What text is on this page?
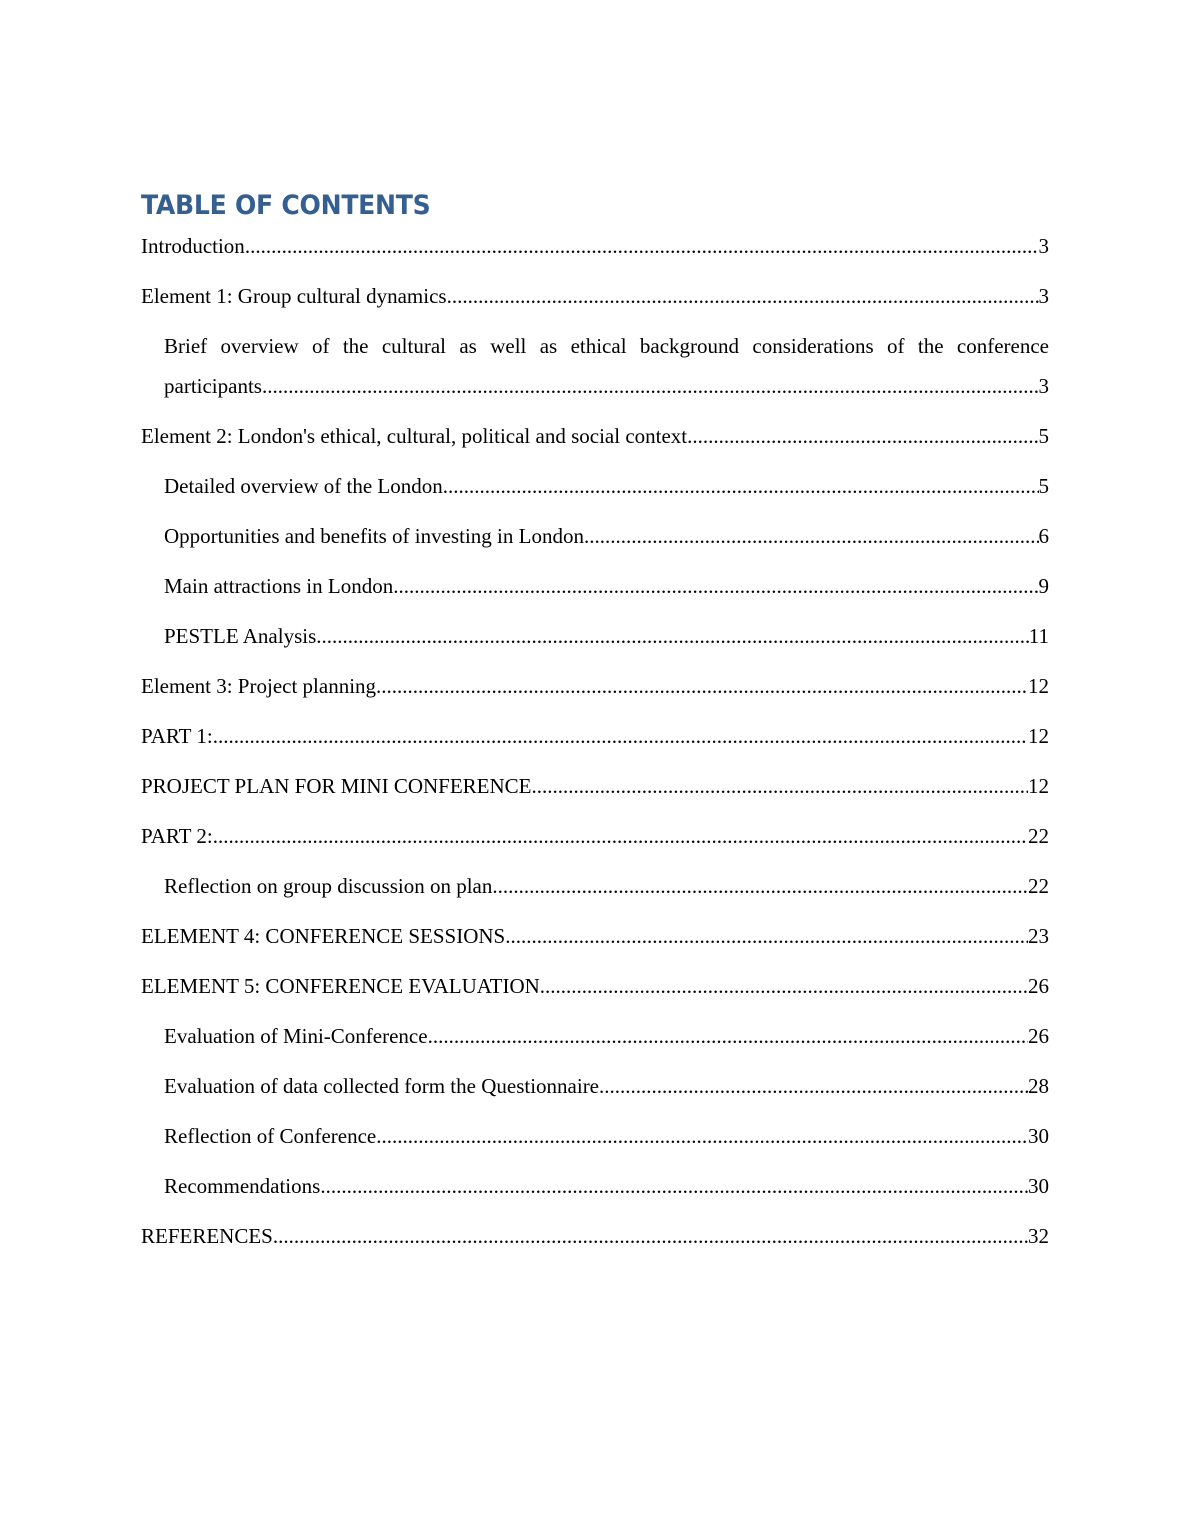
TABLE OF CONTENTS
Introduction .....	3
Element 1: Group cultural dynamics .....	3
Brief overview of the cultural as well as ethical background considerations of the conference
participants .....	3
Element 2: London's ethical, cultural, political and social context .....	5
Detailed overview of the London .....	5
Opportunities and benefits of investing in London .....	6
Main attractions in London .....	9
PESTLE Analysis .....	11
Element 3: Project planning .....	12
PART 1: .....	12
PROJECT PLAN FOR MINI CONFERENCE .....	12
PART 2: .....	22
Reflection on group discussion on plan .....	22
ELEMENT 4: CONFERENCE SESSIONS .....	23
ELEMENT 5: CONFERENCE EVALUATION .....	26
Evaluation of Mini-Conference .....	26
Evaluation of data collected form the Questionnaire .....	28
Reflection of Conference .....	30
Recommendations .....	30
REFERENCES .....	32
